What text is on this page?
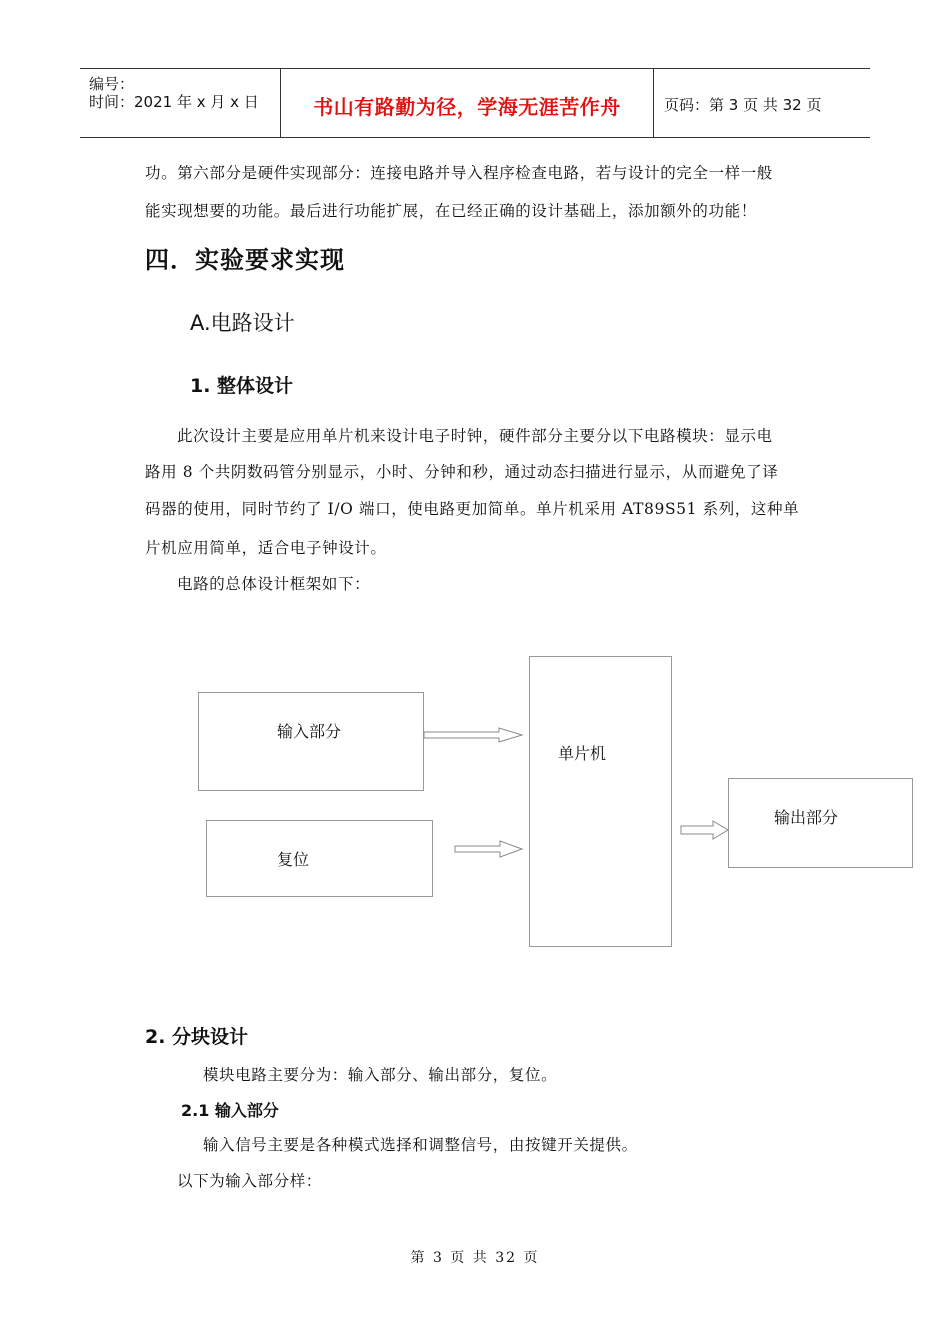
编号：
时间：2021 年 x 月 x 日	书山有路勤为径，学海无涯苦作舟	页码：第 3 页 共 32 页
功。第六部分是硬件实现部分：连接电路并导入程序检查电路，若与设计的完全一样一般
能实现想要的功能。最后进行功能扩展，在已经正确的设计基础上，添加额外的功能！
四．实验要求实现
A.电路设计
1. 整体设计
此次设计主要是应用单片机来设计电子时钟，硬件部分主要分以下电路模块：显示电
路用 8 个共阴数码管分别显示，小时、分钟和秒，通过动态扫描进行显示，从而避免了译
码器的使用，同时节约了 I/O 端口，使电路更加简单。单片机采用 AT89S51 系列，这种单
片机应用简单，适合电子钟设计。
电路的总体设计框架如下：
输入部分
复位
单片机
输出部分
2. 分块设计
模块电路主要分为：输入部分、输出部分，复位。
2.1 输入部分
输入信号主要是各种模式选择和调整信号，由按键开关提供。
以下为输入部分样：
第 3 页 共 32 页
